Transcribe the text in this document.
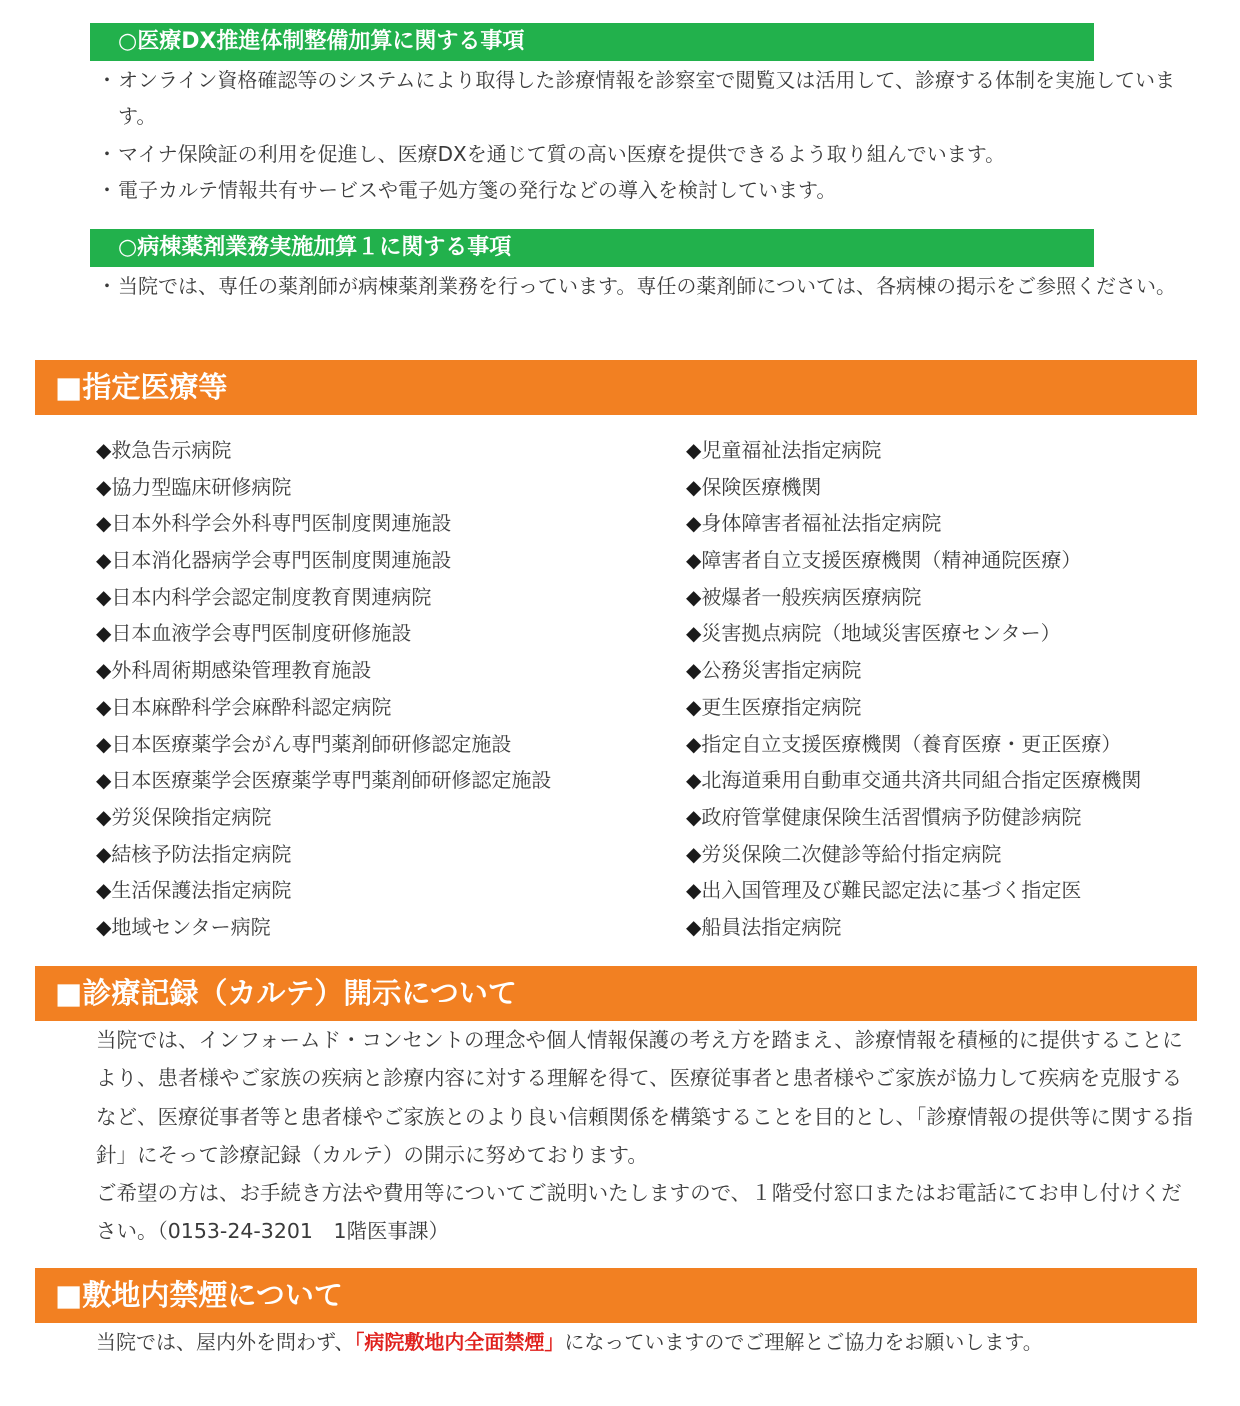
○医療DX推進体制整備加算に関する事項
・ オンライン資格確認等のシステムにより取得した診療情報を診察室で閲覧又は活用して、診療する体制を実施しています。
・ マイナ保険証の利用を促進し、医療DXを通じて質の高い医療を提供できるよう取り組んでいます。
・ 電子カルテ情報共有サービスや電子処方箋の発行などの導入を検討しています。
○病棟薬剤業務実施加算１に関する事項
・ 当院では、専任の薬剤師が病棟薬剤業務を行っています。専任の薬剤師については、各病棟の掲示をご参照ください。
■指定医療等
◆救急告示病院
◆協力型臨床研修病院
◆日本外科学会外科専門医制度関連施設
◆日本消化器病学会専門医制度関連施設
◆日本内科学会認定制度教育関連病院
◆日本血液学会専門医制度研修施設
◆外科周術期感染管理教育施設
◆日本麻酔科学会麻酔科認定病院
◆日本医療薬学会がん専門薬剤師研修認定施設
◆日本医療薬学会医療薬学専門薬剤師研修認定施設
◆労災保険指定病院
◆結核予防法指定病院
◆生活保護法指定病院
◆地域センター病院
◆児童福祉法指定病院
◆保険医療機関
◆身体障害者福祉法指定病院
◆障害者自立支援医療機関（精神通院医療）
◆被爆者一般疾病医療病院
◆災害拠点病院（地域災害医療センター）
◆公務災害指定病院
◆更生医療指定病院
◆指定自立支援医療機関（養育医療・更正医療）
◆北海道乗用自動車交通共済共同組合指定医療機関
◆政府管掌健康保険生活習慣病予防健診病院
◆労災保険二次健診等給付指定病院
◆出入国管理及び難民認定法に基づく指定医
◆船員法指定病院
■診療記録（カルテ）開示について
当院では、インフォームド・コンセントの理念や個人情報保護の考え方を踏まえ、診療情報を積極的に提供することにより、患者様やご家族の疾病と診療内容に対する理解を得て、医療従事者と患者様やご家族が協力して疾病を克服するなど、医療従事者等と患者様やご家族とのより良い信頼関係を構築することを目的とし、「診療情報の提供等に関する指針」にそって診療記録（カルテ）の開示に努めております。
ご希望の方は、お手続き方法や費用等についてご説明いたしますので、１階受付窓口またはお電話にてお申し付けください。（0153-24-3201　1階医事課）
■敷地内禁煙について
当院では、屋内外を問わず、「病院敷地内全面禁煙」になっていますのでご理解とご協力をお願いします。
